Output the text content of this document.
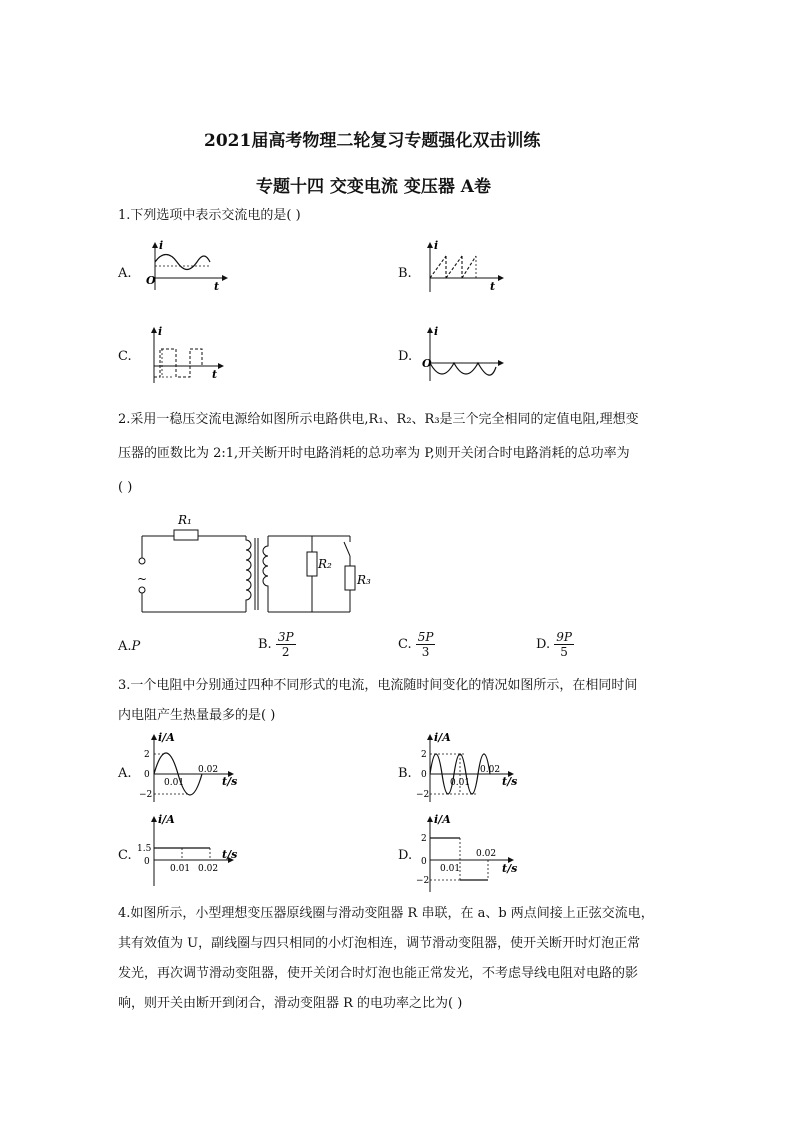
2021届高考物理二轮复习专题强化双击训练
专题十四 交变电流 变压器 A卷
1.下列选项中表示交流电的是( )
A. O
i
t
B.
i
t
C.
i
t
D. O
i
2.采用一稳压交流电源给如图所示电路供电,R₁、R₂、R₃是三个完全相同的定值电阻,理想变
压器的匝数比为 2:1,开关断开时电路消耗的总功率为 P,则开关闭合时电路消耗的总功率为
( )
~
R₁
R₂
R₃
A.P	B. $\frac{3P}{2}$	C. $\frac{5P}{3}$	D. $\frac{9P}{5}$
3.一个电阻中分别通过四种不同形式的电流，电流随时间变化的情况如图所示，在相同时间
内电阻产生热量最多的是( )
A.
i/A
t/s
2
0
−2
0.01
0.02	B.
i/A
t/s
2
0
−2
0.01
0.02
C.
i/A
t/s
1.5
0
0.01 0.02
D.
i/A
t/s
2
0
−2
0.01
0.02
4.如图所示，小型理想变压器原线圈与滑动变阻器 R 串联，在 a、b 两点间接上正弦交流电，
其有效值为 U，副线圈与四只相同的小灯泡相连，调节滑动变阻器，使开关断开时灯泡正常
发光，再次调节滑动变阻器，使开关闭合时灯泡也能正常发光，不考虑导线电阻对电路的影
响，则开关由断开到闭合，滑动变阻器 R 的电功率之比为( )
